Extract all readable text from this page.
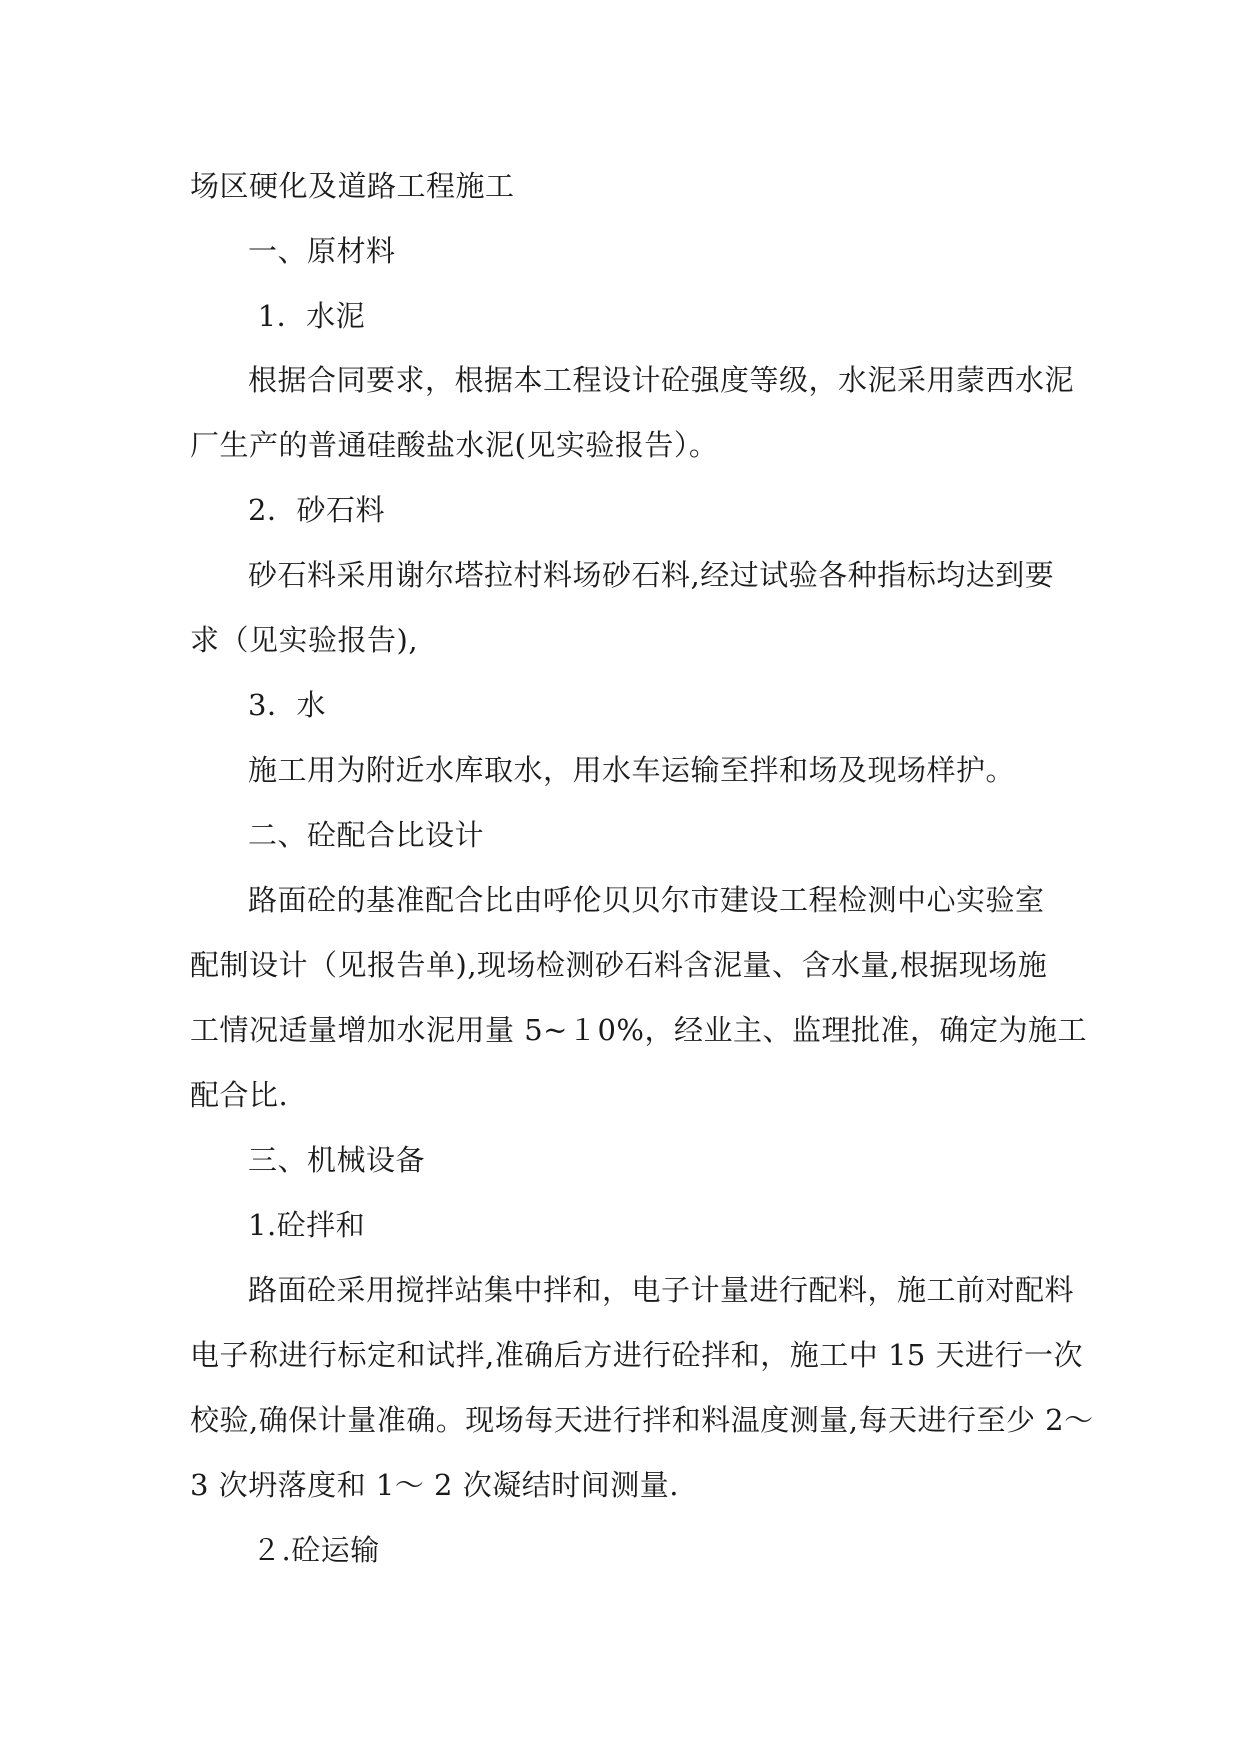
场区硬化及道路工程施工
一、原材料
1．水泥
根据合同要求，根据本工程设计砼强度等级，水泥采用蒙西水泥
厂生产的普通硅酸盐水泥(见实验报告）。
2．砂石料
砂石料采用谢尔塔拉村料场砂石料,经过试验各种指标均达到要
求（见实验报告),
3．水
施工用为附近水库取水，用水车运输至拌和场及现场样护。
二、砼配合比设计
路面砼的基准配合比由呼伦贝贝尔市建设工程检测中心实验室
配制设计（见报告单),现场检测砂石料含泥量、含水量,根据现场施
工情况适量增加水泥用量 5~１0%，经业主、监理批准，确定为施工
配合比.
三、机械设备
1.砼拌和
路面砼采用搅拌站集中拌和，电子计量进行配料，施工前对配料
电子称进行标定和试拌,准确后方进行砼拌和，施工中 15 天进行一次
校验,确保计量准确。现场每天进行拌和料温度测量,每天进行至少 2～
3 次坍落度和 1～ 2 次凝结时间测量.
２.砼运输
